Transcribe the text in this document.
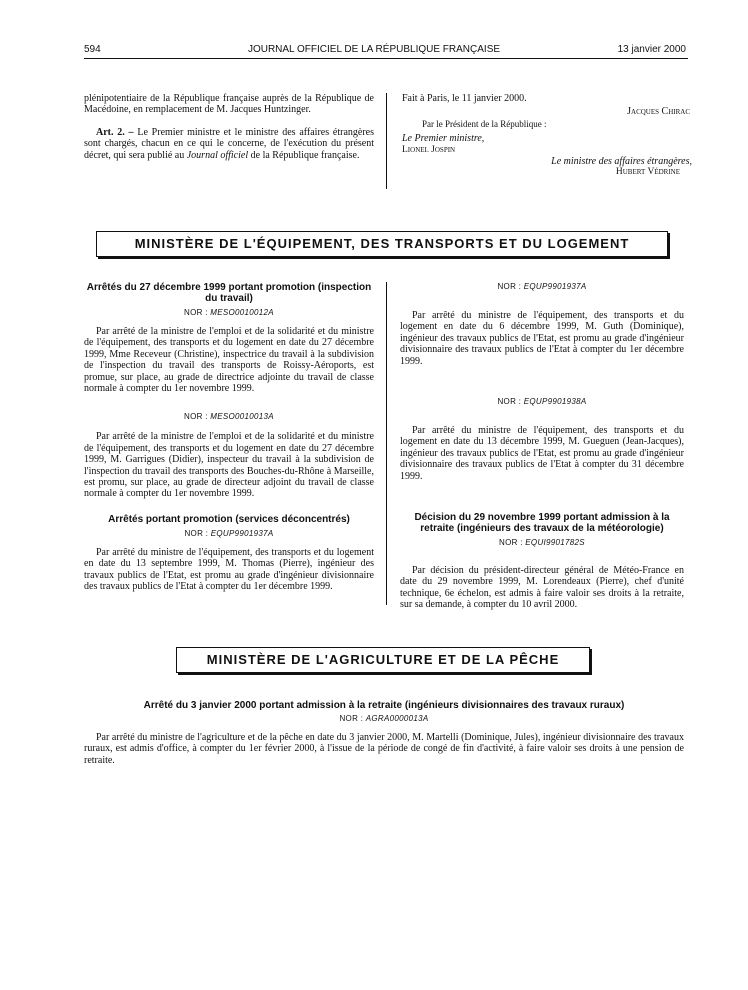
594	JOURNAL OFFICIEL DE LA RÉPUBLIQUE FRANÇAISE	13 janvier 2000

plénipotentiaire de la République française auprès de la République de Macédoine, en remplacement de M. Jacques Huntzinger.

Art. 2. – Le Premier ministre et le ministre des affaires étrangères sont chargés, chacun en ce qui le concerne, de l'exécution du présent décret, qui sera publié au Journal officiel de la République française.

Fait à Paris, le 11 janvier 2000.
Jacques Chirac
Par le Président de la République :
Le Premier ministre,
Lionel Jospin
Le ministre des affaires étrangères,
Hubert Védrine
MINISTÈRE DE L'ÉQUIPEMENT, DES TRANSPORTS ET DU LOGEMENT
Arrêtés du 27 décembre 1999 portant promotion (inspection du travail)
NOR : MESO0010012A

Par arrêté de la ministre de l'emploi et de la solidarité et du ministre de l'équipement, des transports et du logement en date du 27 décembre 1999, Mme Receveur (Christine), inspectrice du travail à la subdivision de l'inspection du travail des transports de Roissy-Aéroports, est promue, sur place, au grade de directrice adjointe du travail de classe normale à compter du 1er novembre 1999.

NOR : MESO0010013A

Par arrêté de la ministre de l'emploi et de la solidarité et du ministre de l'équipement, des transports et du logement en date du 27 décembre 1999, M. Garrigues (Didier), inspecteur du travail à la subdivision de l'inspection du travail des transports des Bouches-du-Rhône à Marseille, est promu, sur place, au grade de directeur adjoint du travail de classe normale à compter du 1er novembre 1999.

Arrêtés portant promotion (services déconcentrés)
NOR : EQUP9901937A

Par arrêté du ministre de l'équipement, des transports et du logement en date du 13 septembre 1999, M. Thomas (Pierre), ingénieur des travaux publics de l'Etat, est promu au grade d'ingénieur divisionnaire des travaux publics de l'Etat à compter du 1er décembre 1999.

NOR : EQUP9901937A

Par arrêté du ministre de l'équipement, des transports et du logement en date du 6 décembre 1999, M. Guth (Dominique), ingénieur des travaux publics de l'Etat, est promu au grade d'ingénieur divisionnaire des travaux publics de l'Etat à compter du 1er décembre 1999.

NOR : EQUP9901938A

Par arrêté du ministre de l'équipement, des transports et du logement en date du 13 décembre 1999, M. Gueguen (Jean-Jacques), ingénieur des travaux publics de l'Etat, est promu au grade d'ingénieur divisionnaire des travaux publics de l'Etat à compter du 31 décembre 1999.

Décision du 29 novembre 1999 portant admission à la retraite (ingénieurs des travaux de la météorologie)
NOR : EQUI9901782S

Par décision du président-directeur général de Météo-France en date du 29 novembre 1999, M. Lorendeaux (Pierre), chef d'unité technique, 6e échelon, est admis à faire valoir ses droits à la retraite, sur sa demande, à compter du 10 avril 2000.

MINISTÈRE DE L'AGRICULTURE ET DE LA PÊCHE
Arrêté du 3 janvier 2000 portant admission à la retraite (ingénieurs divisionnaires des travaux ruraux)
NOR : AGRA0000013A

Par arrêté du ministre de l'agriculture et de la pêche en date du 3 janvier 2000, M. Martelli (Dominique, Jules), ingénieur divisionnaire des travaux ruraux, est admis d'office, à compter du 1er février 2000, à l'issue de la période de congé de fin d'activité, à faire valoir ses droits à une pension de retraite.
